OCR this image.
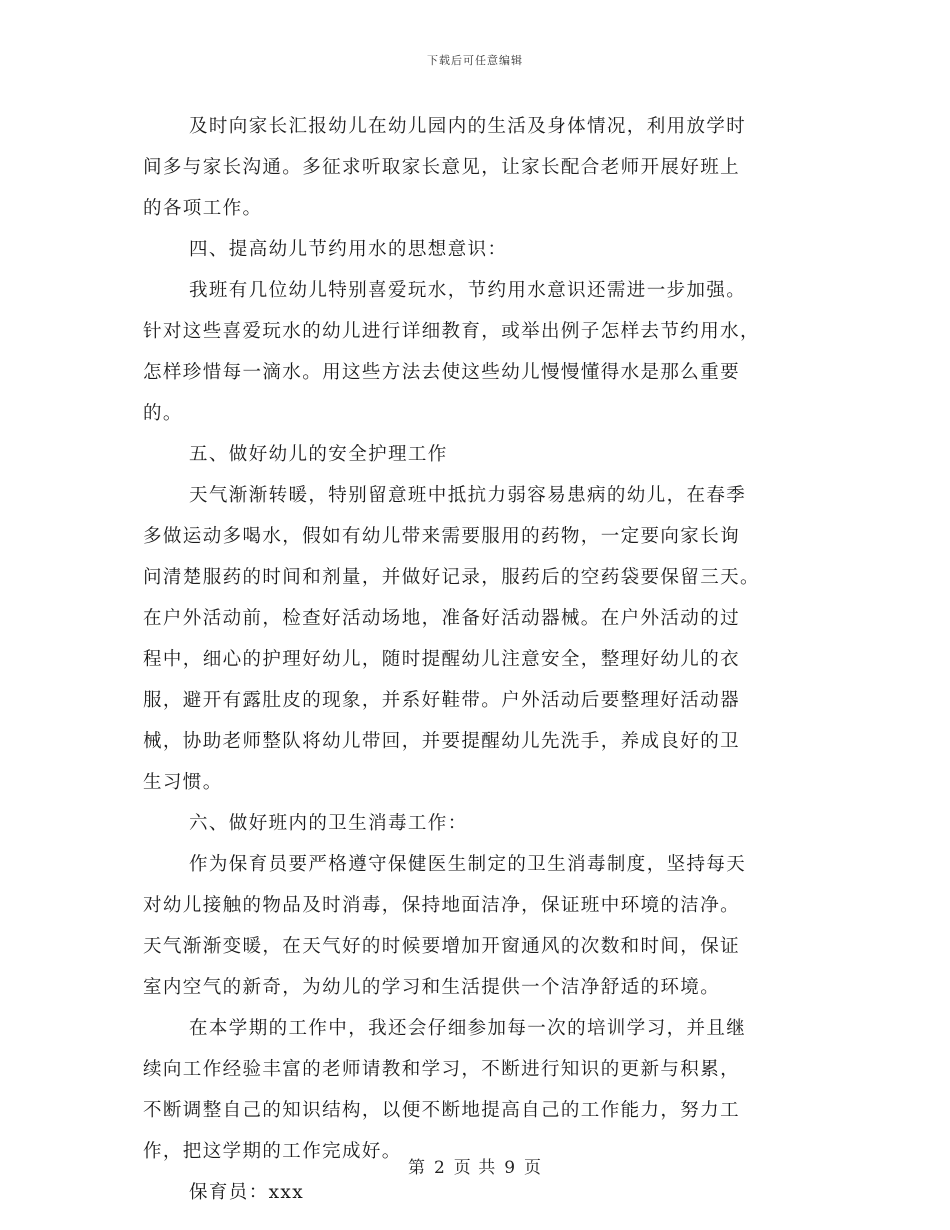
下载后可任意编辑
及时向家长汇报幼儿在幼儿园内的生活及身体情况，利用放学时
间多与家长沟通。多征求听取家长意见，让家长配合老师开展好班上
的各项工作。
四、提高幼儿节约用水的思想意识：
我班有几位幼儿特别喜爱玩水，节约用水意识还需进一步加强。
针对这些喜爱玩水的幼儿进行详细教育，或举出例子怎样去节约用水，
怎样珍惜每一滴水。用这些方法去使这些幼儿慢慢懂得水是那么重要
的。
五、做好幼儿的安全护理工作
天气渐渐转暖，特别留意班中抵抗力弱容易患病的幼儿，在春季
多做运动多喝水，假如有幼儿带来需要服用的药物，一定要向家长询
问清楚服药的时间和剂量，并做好记录，服药后的空药袋要保留三天。
在户外活动前，检查好活动场地，准备好活动器械。在户外活动的过
程中，细心的护理好幼儿，随时提醒幼儿注意安全，整理好幼儿的衣
服，避开有露肚皮的现象，并系好鞋带。户外活动后要整理好活动器
械，协助老师整队将幼儿带回，并要提醒幼儿先洗手，养成良好的卫
生习惯。
六、做好班内的卫生消毒工作：
作为保育员要严格遵守保健医生制定的卫生消毒制度，坚持每天
对幼儿接触的物品及时消毒，保持地面洁净，保证班中环境的洁净。
天气渐渐变暖，在天气好的时候要增加开窗通风的次数和时间，保证
室内空气的新奇，为幼儿的学习和生活提供一个洁净舒适的环境。
在本学期的工作中，我还会仔细参加每一次的培训学习，并且继
续向工作经验丰富的老师请教和学习，不断进行知识的更新与积累，
不断调整自己的知识结构，以便不断地提高自己的工作能力，努力工
作，把这学期的工作完成好。
保育员：xxx
第 2 页 共 9 页
